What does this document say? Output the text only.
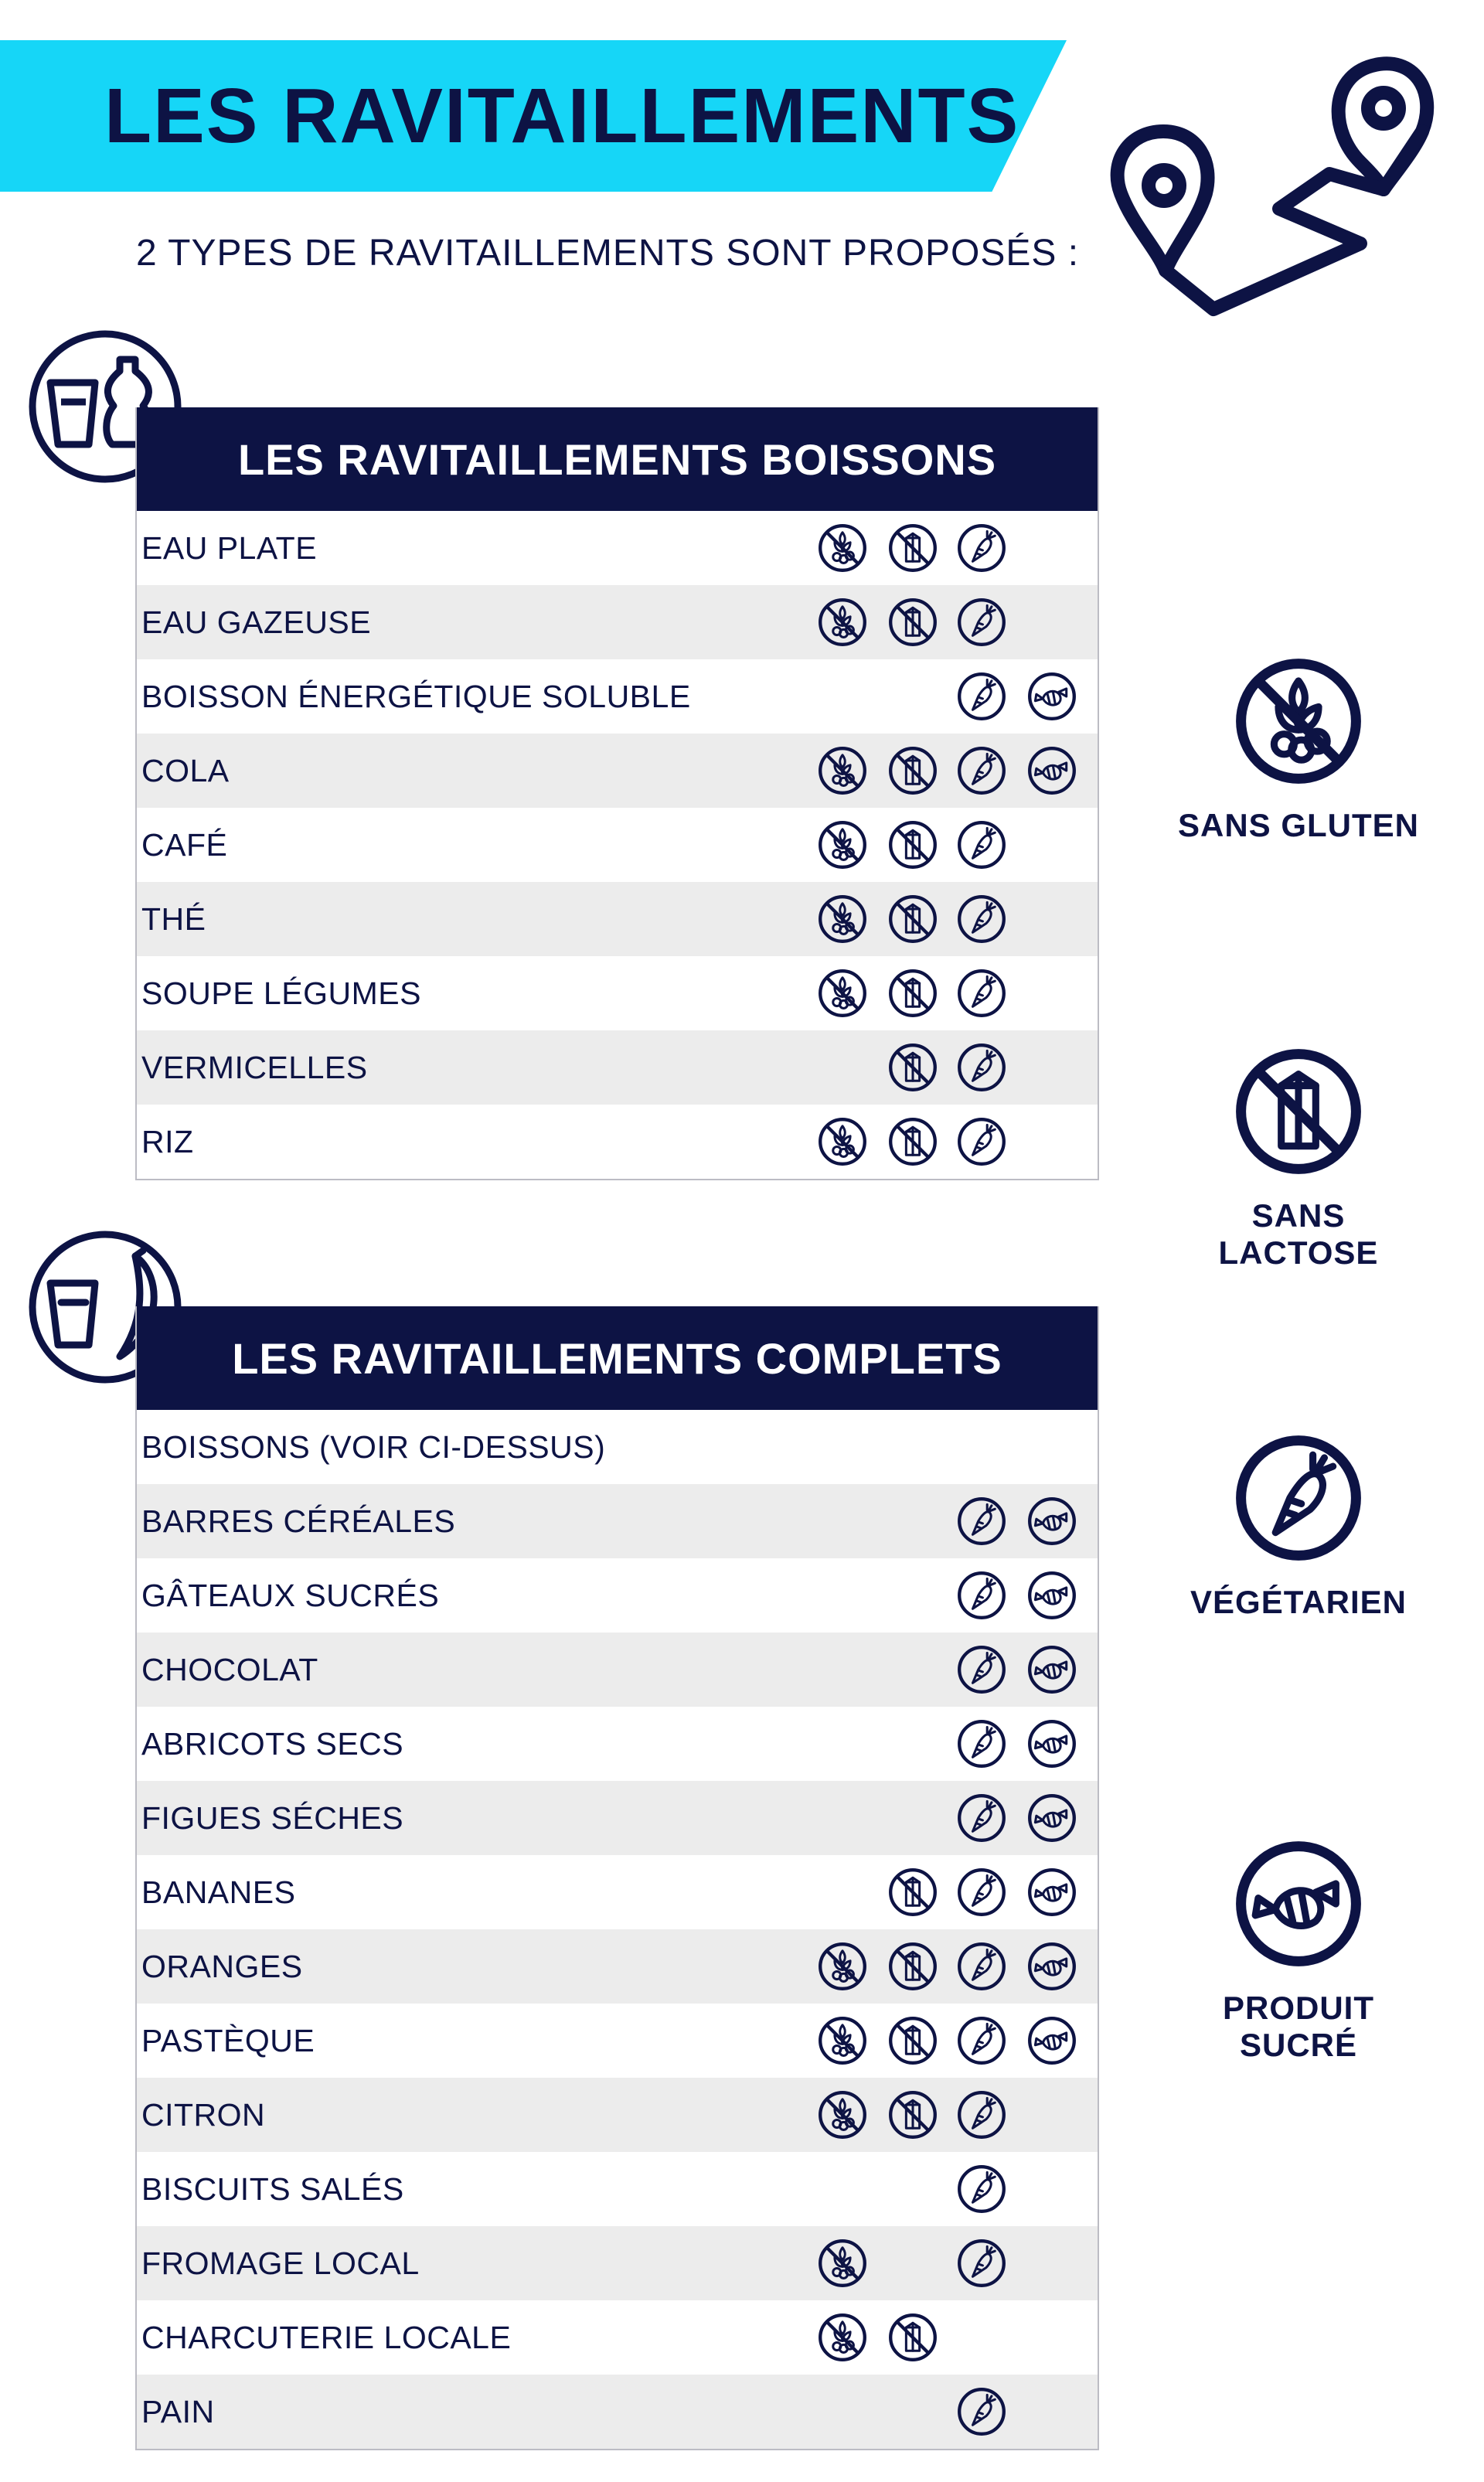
LES RAVITAILLEMENTS
2 TYPES DE RAVITAILLEMENTS SONT PROPOSÉS :
LES RAVITAILLEMENTS BOISSONS
EAU PLATE
EAU GAZEUSE
BOISSON ÉNERGÉTIQUE SOLUBLE
COLA
CAFÉ
THÉ
SOUPE LÉGUMES
VERMICELLES
RIZ
LES RAVITAILLEMENTS COMPLETS
BOISSONS (VOIR CI-DESSUS)
BARRES CÉRÉALES
GÂTEAUX SUCRÉS
CHOCOLAT
ABRICOTS SECS
FIGUES SÉCHES
BANANES
ORANGES
PASTÈQUE
CITRON
BISCUITS SALÉS
FROMAGE LOCAL
CHARCUTERIE LOCALE
PAIN
SANS GLUTEN
SANS LACTOSE
VÉGÉTARIEN
PRODUIT SUCRÉ
